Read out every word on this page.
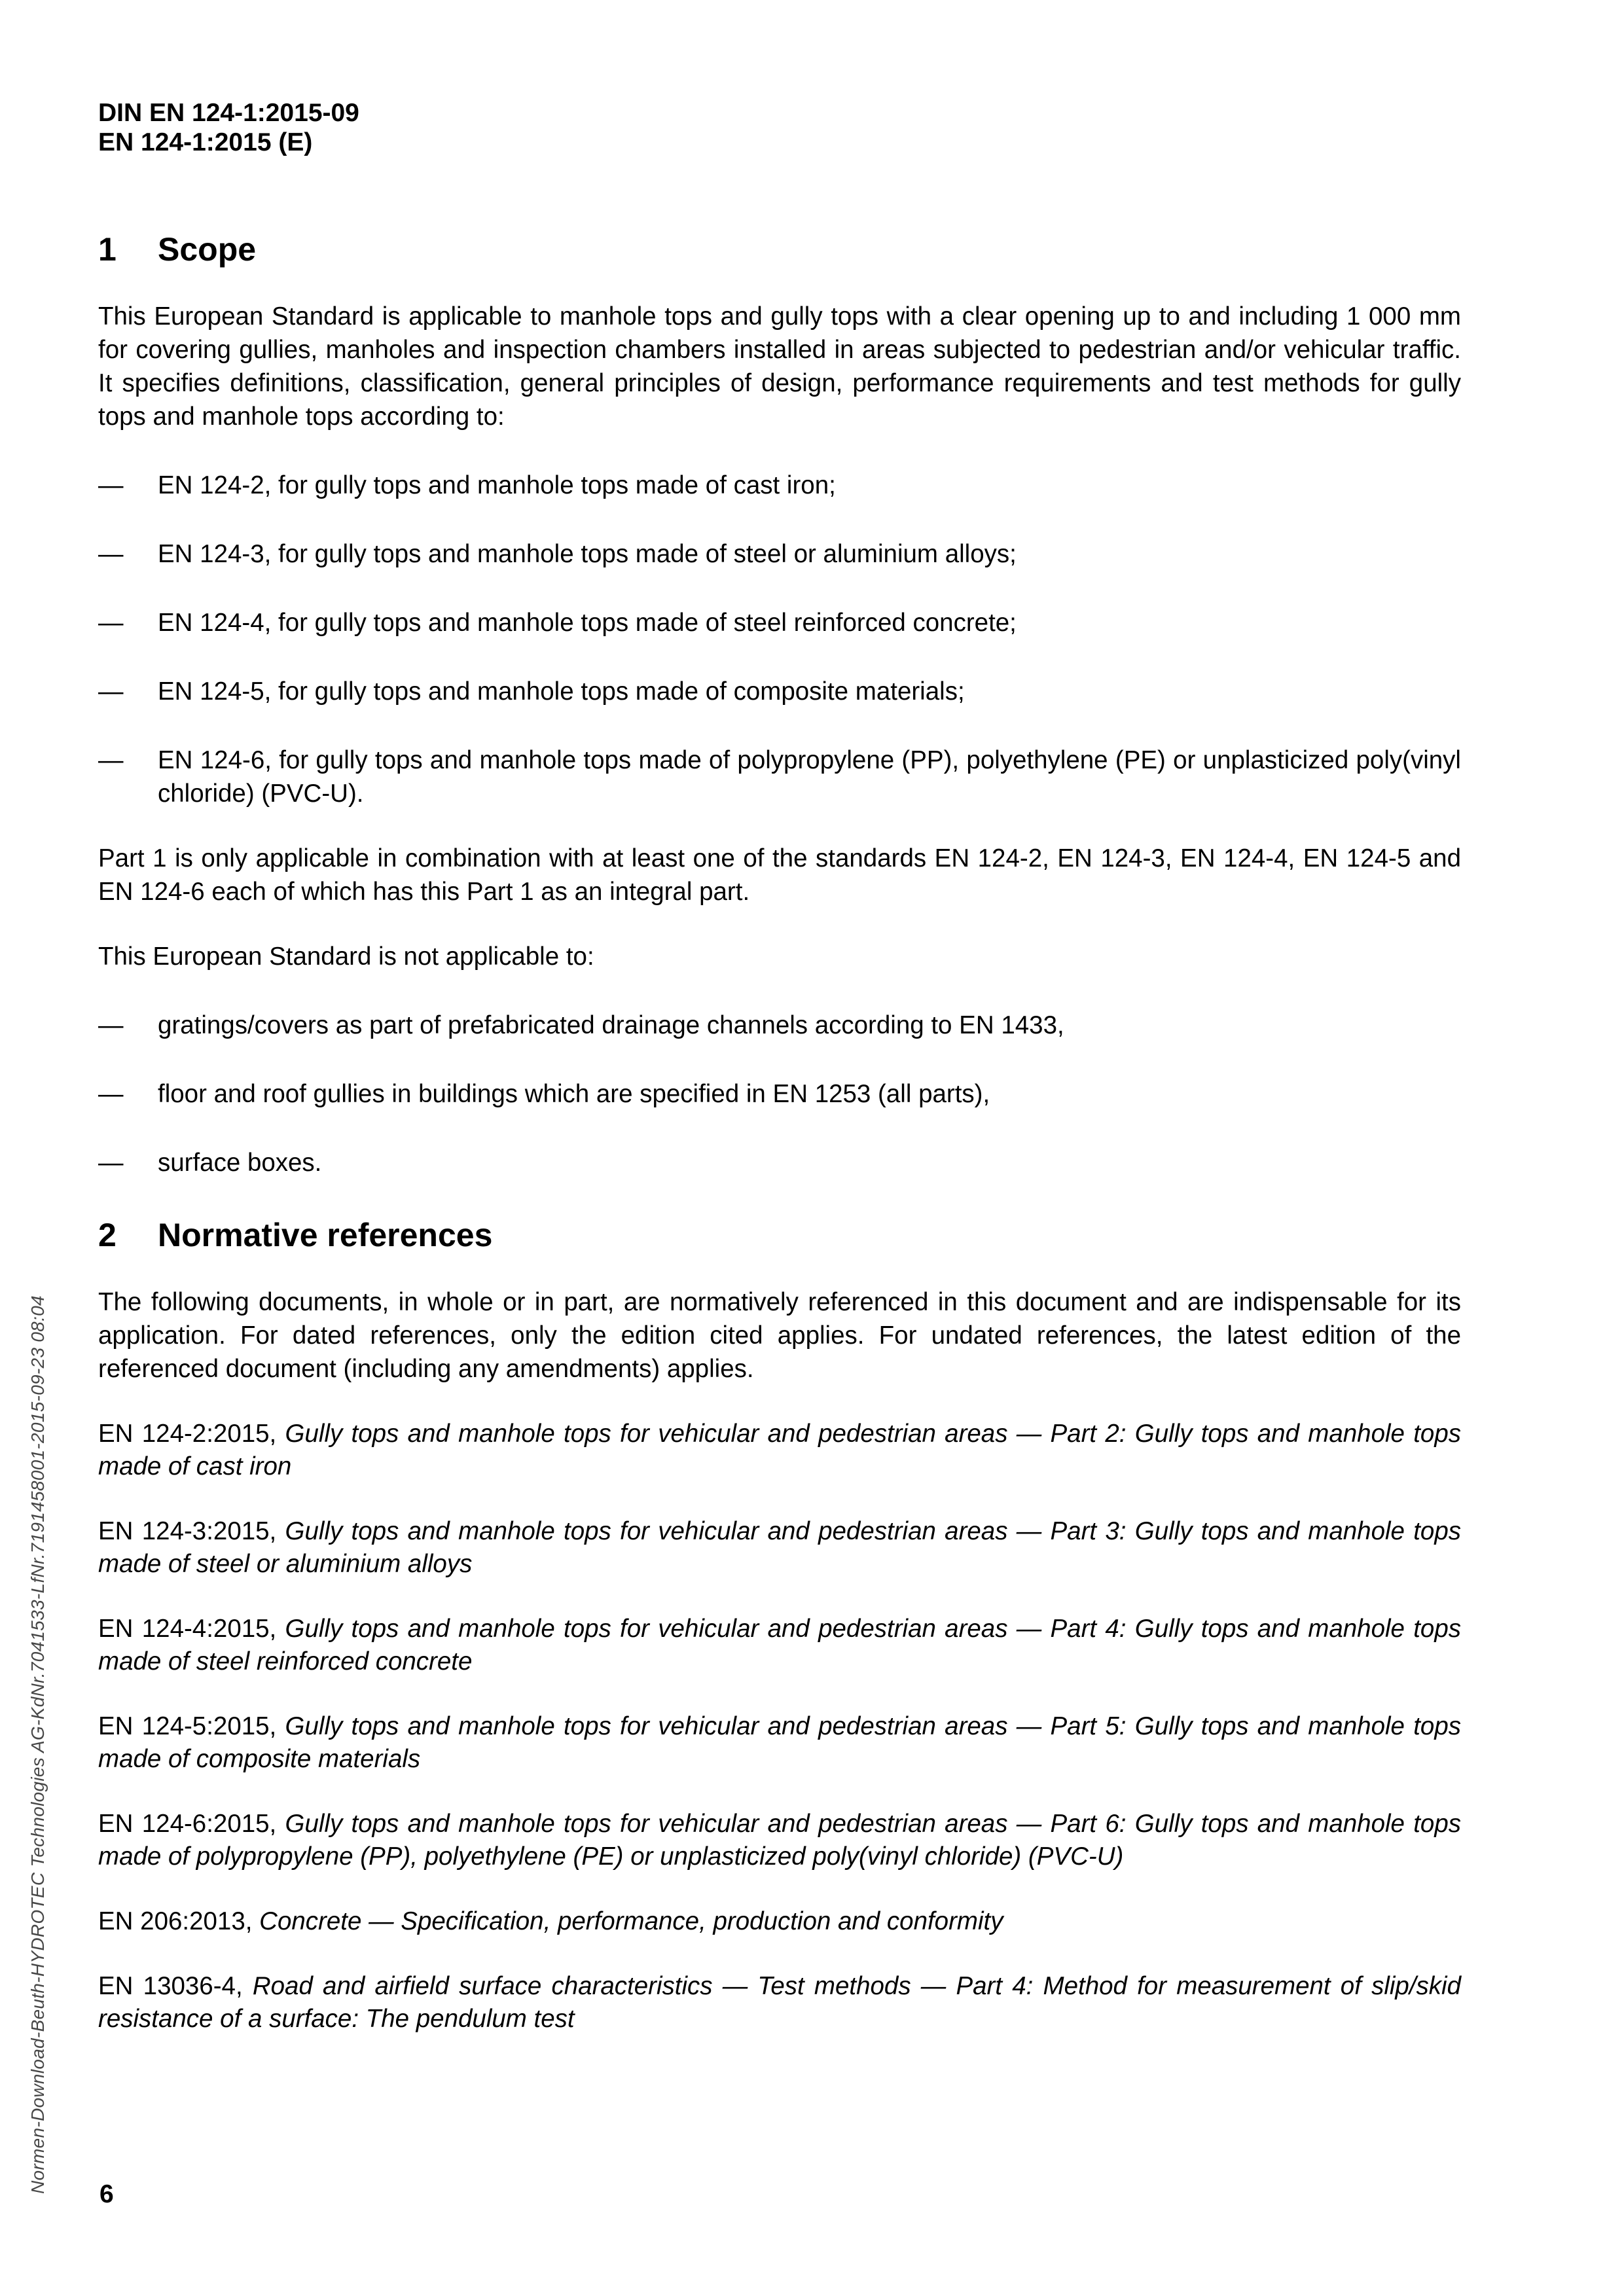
Normen-Download-Beuth-HYDROTEC Technologies AG-KdNr.7041533-LfNr.7191458001-2015-09-23 08:04
DIN EN 124-1:2015-09
EN 124-1:2015 (E)
1	Scope

This European Standard is applicable to manhole tops and gully tops with a clear opening up to and including 1 000 mm for covering gullies, manholes and inspection chambers installed in areas subjected to pedestrian and/or vehicular traffic. It specifies definitions, classification, general principles of design, performance requirements and test methods for gully tops and manhole tops according to:

— EN 124-2, for gully tops and manhole tops made of cast iron;
— EN 124-3, for gully tops and manhole tops made of steel or aluminium alloys;
— EN 124-4, for gully tops and manhole tops made of steel reinforced concrete;
— EN 124-5, for gully tops and manhole tops made of composite materials;
— EN 124-6, for gully tops and manhole tops made of polypropylene (PP), polyethylene (PE) or unplasticized poly(vinyl chloride) (PVC-U).

Part 1 is only applicable in combination with at least one of the standards EN 124-2, EN 124-3, EN 124-4, EN 124-5 and EN 124-6 each of which has this Part 1 as an integral part.

This European Standard is not applicable to:

— gratings/covers as part of prefabricated drainage channels according to EN 1433,
— floor and roof gullies in buildings which are specified in EN 1253 (all parts),
— surface boxes.
2	Normative references

The following documents, in whole or in part, are normatively referenced in this document and are indispensable for its application. For dated references, only the edition cited applies. For undated references, the latest edition of the referenced document (including any amendments) applies.

EN 124-2:2015, Gully tops and manhole tops for vehicular and pedestrian areas — Part 2: Gully tops and manhole tops made of cast iron

EN 124-3:2015, Gully tops and manhole tops for vehicular and pedestrian areas — Part 3: Gully tops and manhole tops made of steel or aluminium alloys

EN 124-4:2015, Gully tops and manhole tops for vehicular and pedestrian areas — Part 4: Gully tops and manhole tops made of steel reinforced concrete

EN 124-5:2015, Gully tops and manhole tops for vehicular and pedestrian areas — Part 5: Gully tops and manhole tops made of composite materials

EN 124-6:2015, Gully tops and manhole tops for vehicular and pedestrian areas — Part 6: Gully tops and manhole tops made of polypropylene (PP), polyethylene (PE) or unplasticized poly(vinyl chloride) (PVC-U)

EN 206:2013, Concrete — Specification, performance, production and conformity

EN 13036-4, Road and airfield surface characteristics — Test methods — Part 4: Method for measurement of slip/skid resistance of a surface: The pendulum test

6
